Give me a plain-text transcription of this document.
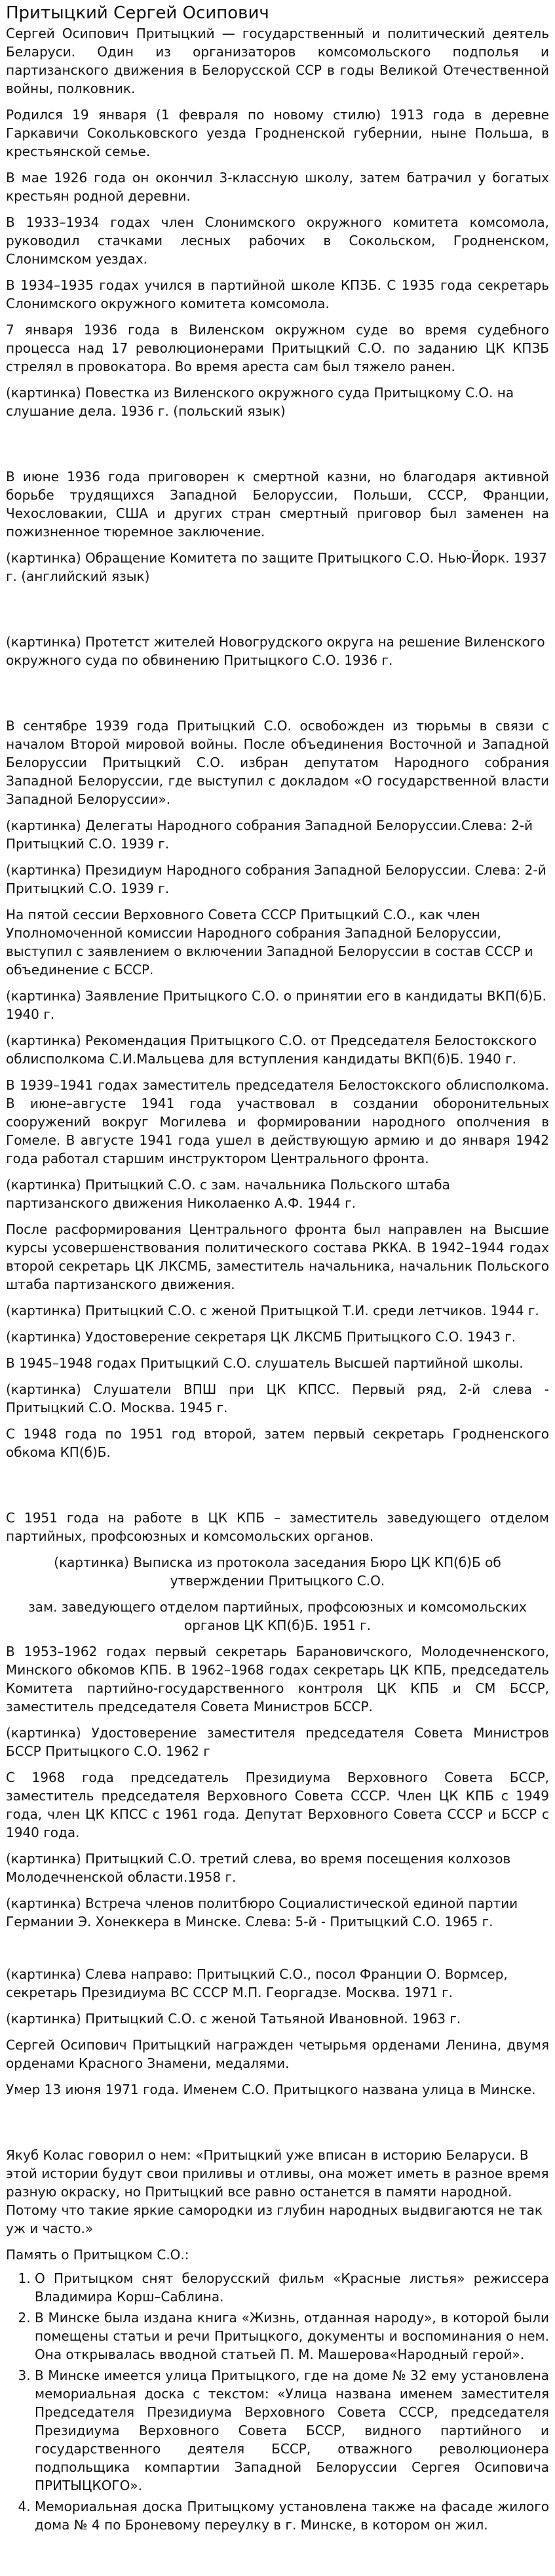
Притыцкий Сергей Осипович

Сергей Осипович Притыцкий — государственный и политический деятель Беларуси. Один из организаторов комсомольского подполья и партизанского движения в Белорусской ССР в годы Великой Отечественной войны, полковник.

Родился 19 января (1 февраля по новому стилю) 1913 года в деревне Гаркавичи Сокольковского уезда Гродненской губернии, ныне Польша, в крестьянской семье.

В мае 1926 года он окончил 3-классную школу, затем батрачил у богатых крестьян родной деревни.

В 1933–1934 годах член Слонимского окружного комитета комсомола, руководил стачками лесных рабочих в Сокольском, Гродненском, Слонимском уездах.

В 1934–1935 годах учился в партийной школе КПЗБ. С 1935 года секретарь Слонимского окружного комитета комсомола.

7 января 1936 года в Виленском окружном суде во время судебного процесса над 17 революционерами Притыцкий С.О. по заданию ЦК КПЗБ стрелял в провокатора. Во время ареста сам был тяжело ранен.

(картинка) Повестка из Виленского окружного суда Притыцкому С.О. на слушание дела. 1936 г. (польский язык)

В июне 1936 года приговорен к смертной казни, но благодаря активной борьбе трудящихся Западной Белоруссии, Польши, СССР, Франции, Чехословакии, США и других стран смертный приговор был заменен на пожизненное тюремное заключение.

(картинка) Обращение Комитета по защите Притыцкого С.О. Нью-Йорк. 1937 г. (английский язык)

(картинка) Протетст жителей Новогрудского округа на решение Виленского окружного суда по обвинению Притыцкого С.О. 1936 г.

В сентябре 1939 года Притыцкий С.О. освобожден из тюрьмы в связи с началом Второй мировой войны. После объединения Восточной и Западной Белоруссии Притыцкий С.О. избран депутатом Народного собрания Западной Белоруссии, где выступил с докладом «О государственной власти Западной Белоруссии».

(картинка) Делегаты Народного собрания Западной Белоруссии.Слева: 2-й Притыцкий С.О. 1939 г.

(картинка) Президиум Народного собрания Западной Белоруссии. Слева: 2-й Притыцкий С.О. 1939 г.

На пятой сессии Верховного Совета СССР Притыцкий С.О., как член Уполномоченной комиссии Народного собрания Западной Белоруссии, выступил с заявлением о включении Западной Белоруссии в состав СССР и объединение с БССР.

(картинка) Заявление Притыцкого С.О. о принятии его в кандидаты ВКП(б)Б. 1940 г.

(картинка) Рекомендация Притыцкого С.О. от Председателя Белостокского облисполкома С.И.Мальцева для вступления кандидаты ВКП(б)Б. 1940 г.

В 1939–1941 годах заместитель председателя Белостокского облисполкома. В июне–августе 1941 года участвовал в создании оборонительных сооружений вокруг Могилева и формировании народного ополчения в Гомеле. В августе 1941 года ушел в действующую армию и до января 1942 года работал старшим инструктором Центрального фронта.

(картинка) Притыцкий С.О. с зам. начальника Польского штаба партизанского движения Николаенко А.Ф. 1944 г.

После расформирования Центрального фронта был направлен на Высшие курсы усовершенствования политического состава РККА. В 1942–1944 годах второй секретарь ЦК ЛКСМБ, заместитель начальника, начальник Польского штаба партизанского движения.

(картинка) Притыцкий С.О. с женой Притыцкой Т.И. среди летчиков. 1944 г.

(картинка) Удостоверение секретаря ЦК ЛКСМБ Притыцкого С.О. 1943 г.

В 1945–1948 годах Притыцкий С.О. слушатель Высшей партийной школы.

(картинка) Слушатели ВПШ при ЦК КПСС. Первый ряд, 2-й слева - Притыцкий С.О. Москва. 1945 г.

С 1948 года по 1951 год второй, затем первый секретарь Гродненского обкома КП(б)Б.

С 1951 года на работе в ЦК КПБ – заместитель заведующего отделом партийных, профсоюзных и комсомольских органов.

(картинка) Выписка из протокола заседания Бюро ЦК КП(б)Б об утверждении Притыцкого С.О.

зам. заведующего отделом партийных, профсоюзных и комсомольских органов ЦК КП(б)Б. 1951 г.

В 1953–1962 годах первый секретарь Барановичского, Молодечненского, Минского обкомов КПБ. В 1962–1968 годах секретарь ЦК КПБ, председатель Комитета партийно-государственного контроля ЦК КПБ и СМ БССР, заместитель председателя Совета Министров БССР.

(картинка) Удостоверение заместителя председателя Совета Министров БССР Притыцкого С.О. 1962 г

С 1968 года председатель Президиума Верховного Совета БССР, заместитель председателя Верховного Совета СССР. Член ЦК КПБ с 1949 года, член ЦК КПСС с 1961 года. Депутат Верховного Совета СССР и БССР с 1940 года.

(картинка) Притыцкий С.О. третий слева, во время посещения колхозов Молодечненской области.1958 г.

(картинка) Встреча членов политбюро Социалистической единой партии Германии Э. Хонеккера в Минске. Слева: 5-й - Притыцкий С.О. 1965 г.

(картинка) Слева направо: Притыцкий С.О., посол Франции О. Вормсер, секретарь Президиума ВС СССР М.П. Георгадзе. Москва. 1971 г.

(картинка) Притыцкий С.О. с женой Татьяной Ивановной. 1963 г.

Сергей Осипович Притыцкий награжден четырьмя орденами Ленина, двумя орденами Красного Знамени, медалями.

Умер 13 июня 1971 года. Именем С.О. Притыцкого названа улица в Минске.

Якуб Колас говорил о нем: «Притыцкий уже вписан в историю Беларуси. В этой истории будут свои приливы и отливы, она может иметь в разное время разную окраску, но Притыцкий все равно останется в памяти народной. Потому что такие яркие самородки из глубин народных выдвигаются не так уж и часто.»

Память о Притыцком С.О.:

1. О Притыцком снят белорусский фильм «Красные листья» режиссера Владимира Корш–Саблина.
2. В Минске была издана книга «Жизнь, отданная народу», в которой были помещены статьи и речи Притыцкого, документы и воспоминания о нем. Она открывалась вводной статьей П. М. Машерова«Народный герой».
3. В Минске имеется улица Притыцкого, где на доме № 32 ему установлена мемориальная доска с текстом: «Улица названа именем заместителя Председателя Президиума Верховного Совета СССР, председателя Президиума Верховного Совета БССР, видного партийного и государственного деятеля БССР, отважного революционера подпольщика компартии Западной Белоруссии Сергея Осиповича ПРИТЫЦКОГО».
4. Мемориальная доска Притыцкому установлена также на фасаде жилого дома № 4 по Броневому переулку в г. Минске, в котором он жил.
